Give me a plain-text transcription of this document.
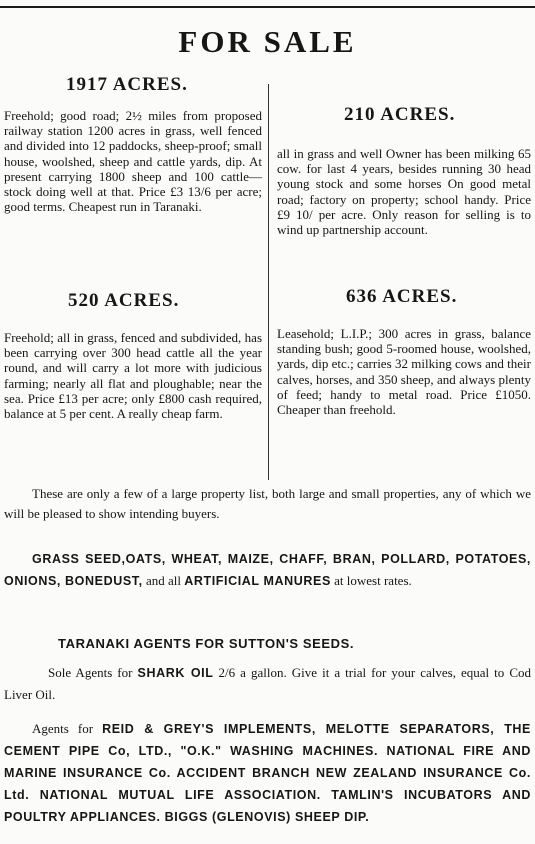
FOR SALE
1917 ACRES.

Freehold; good road; 2½ miles from proposed railway station 1200 acres in grass, well fenced and divided into 12 paddocks, sheep-proof; small house, woolshed, sheep and cattle yards, dip. At present carrying 1800 sheep and 100 cattle—stock doing well at that. Price £3 13/6 per acre; good terms. Cheapest run in Taranaki.

210 ACRES.

all in grass and well Owner has been milking 65 cow. for last 4 years, besides running 30 head young stock and some horses On good metal road; factory on property; school handy. Price £9 10/ per acre. Only reason for selling is to wind up partnership account.

520 ACRES.

Freehold; all in grass, fenced and subdivided, has been carrying over 300 head cattle all the year round, and will carry a lot more with judicious farming; nearly all flat and ploughable; near the sea. Price £13 per acre; only £800 cash required, balance at 5 per cent. A really cheap farm.

636 ACRES.

Leasehold; L.I.P.; 300 acres in grass, balance standing bush; good 5-roomed house, woolshed, yards, dip etc.; carries 32 milking cows and their calves, horses, and 350 sheep, and always plenty of feed; handy to metal road. Price £1050. Cheaper than freehold.

These are only a few of a large property list, both large and small properties, any of which we will be pleased to show intending buyers.

GRASS SEED,OATS, WHEAT, MAIZE, CHAFF, BRAN, POLLARD, POTATOES, ONIONS, BONEDUST, and all ARTIFICIAL MANURES at lowest rates.

TARANAKI AGENTS FOR SUTTON'S SEEDS.

Sole Agents for SHARK OIL 2/6 a gallon. Give it a trial for your calves, equal to Cod Liver Oil.

Agents for REID & GREY'S IMPLEMENTS, MELOTTE SEPARATORS, THE CEMENT PIPE Co, LTD., "O.K." WASHING MACHINES. NATIONAL FIRE AND MARINE INSURANCE Co. ACCIDENT BRANCH NEW ZEALAND INSURANCE Co. Ltd. NATIONAL MUTUAL LIFE ASSOCIATION. TAMLIN'S INCUBATORS AND POULTRY APPLIANCES. BIGGS (GLENOVIS) SHEEP DIP.
